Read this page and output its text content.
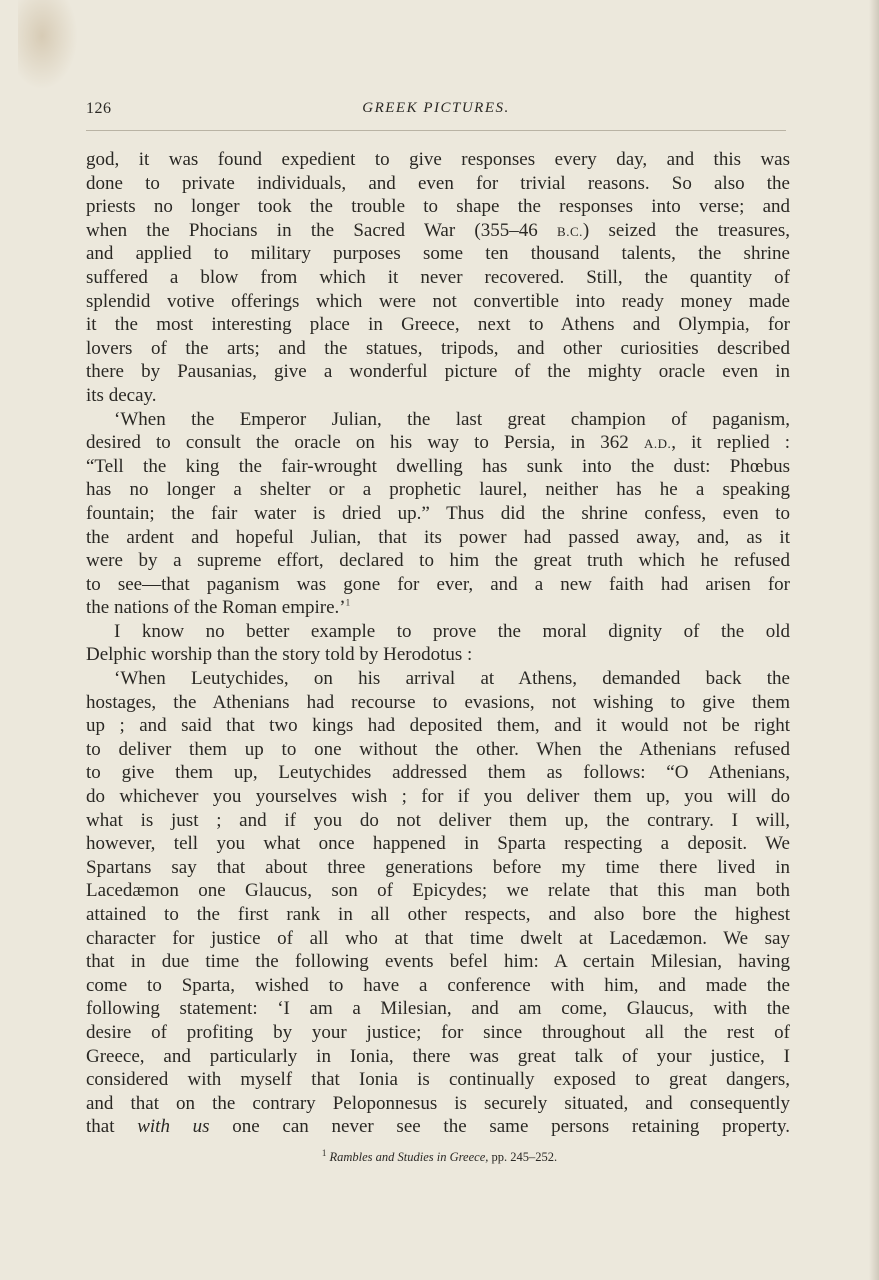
126	GREEK PICTURES.
god, it was found expedient to give responses every day, and this was
done to private individuals, and even for trivial reasons. So also the
priests no longer took the trouble to shape the responses into verse; and
when the Phocians in the Sacred War (355–46 B.C.) seized the treasures,
and applied to military purposes some ten thousand talents, the shrine
suffered a blow from which it never recovered. Still, the quantity of
splendid votive offerings which were not convertible into ready money made
it the most interesting place in Greece, next to Athens and Olympia, for
lovers of the arts; and the statues, tripods, and other curiosities described
there by Pausanias, give a wonderful picture of the mighty oracle even in
its decay.
‘When the Emperor Julian, the last great champion of paganism,
desired to consult the oracle on his way to Persia, in 362 A.D., it replied :
“Tell the king the fair-wrought dwelling has sunk into the dust: Phœbus
has no longer a shelter or a prophetic laurel, neither has he a speaking
fountain; the fair water is dried up.” Thus did the shrine confess, even to
the ardent and hopeful Julian, that its power had passed away, and, as it
were by a supreme effort, declared to him the great truth which he refused
to see—that paganism was gone for ever, and a new faith had arisen for
the nations of the Roman empire.’$^1$
I know no better example to prove the moral dignity of the old
Delphic worship than the story told by Herodotus :
‘When Leutychides, on his arrival at Athens, demanded back the
hostages, the Athenians had recourse to evasions, not wishing to give them
up ; and said that two kings had deposited them, and it would not be right
to deliver them up to one without the other. When the Athenians refused
to give them up, Leutychides addressed them as follows: “O Athenians,
do whichever you yourselves wish ; for if you deliver them up, you will do
what is just ; and if you do not deliver them up, the contrary. I will,
however, tell you what once happened in Sparta respecting a deposit. We
Spartans say that about three generations before my time there lived in
Lacedæmon one Glaucus, son of Epicydes; we relate that this man both
attained to the first rank in all other respects, and also bore the highest
character for justice of all who at that time dwelt at Lacedæmon. We say
that in due time the following events befel him: A certain Milesian, having
come to Sparta, wished to have a conference with him, and made the
following statement: ‘I am a Milesian, and am come, Glaucus, with the
desire of profiting by your justice; for since throughout all the rest of
Greece, and particularly in Ionia, there was great talk of your justice, I
considered with myself that Ionia is continually exposed to great dangers,
and that on the contrary Peloponnesus is securely situated, and consequently
that with us one can never see the same persons retaining property.
$^1$ Rambles and Studies in Greece, pp. 245–252.
